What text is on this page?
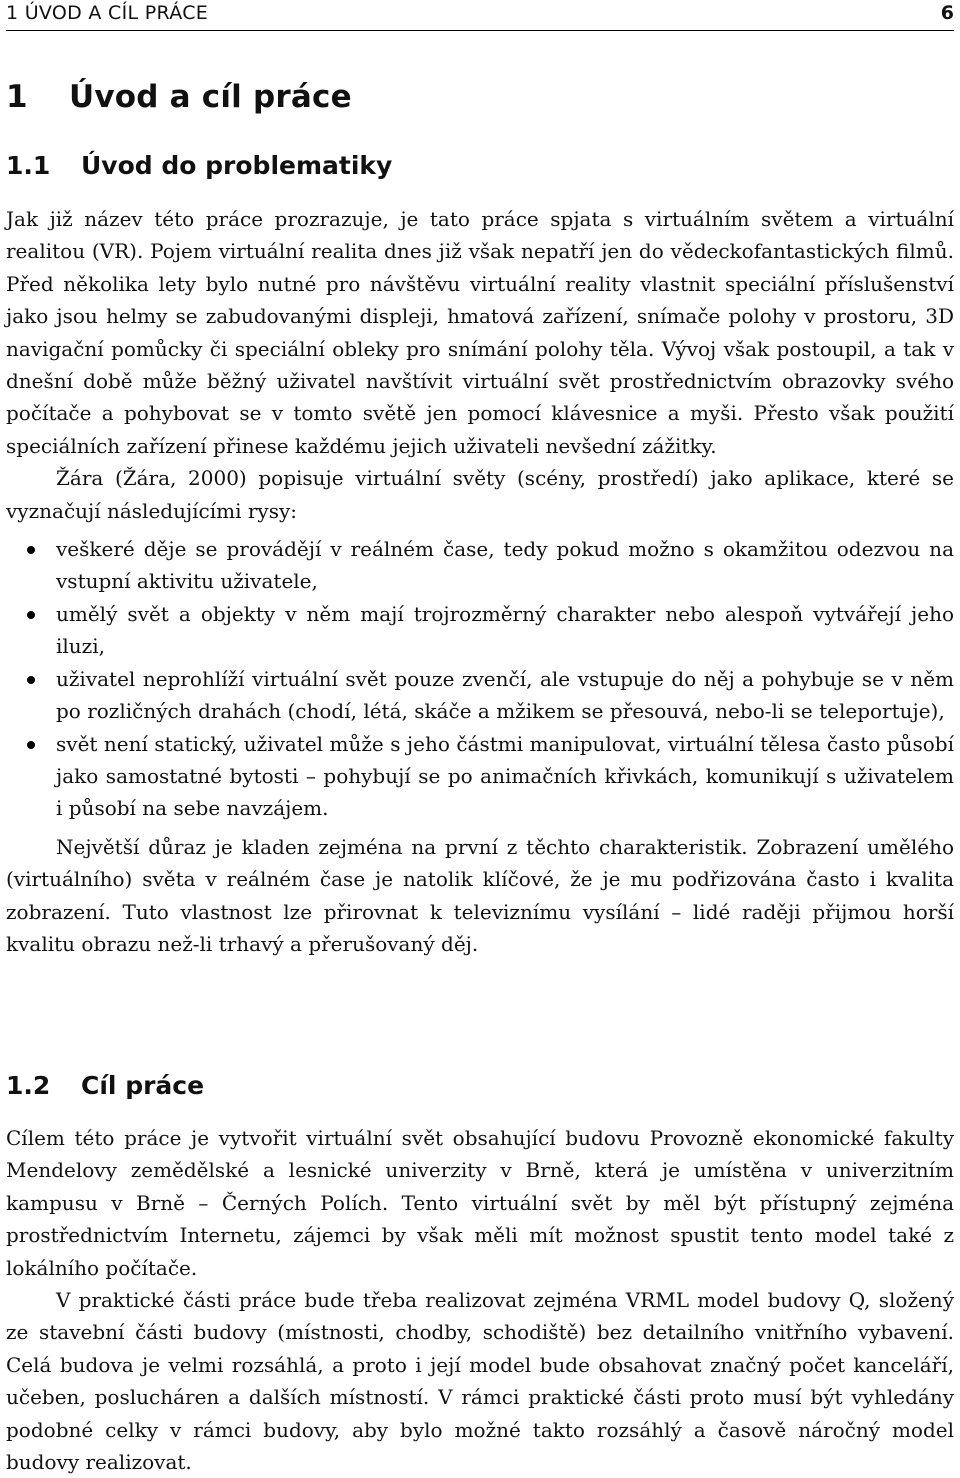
1 ÚVOD A CÍL PRÁCE	6
1 Úvod a cíl práce
1.1 Úvod do problematiky

Jak již název této práce prozrazuje, je tato práce spjata s virtuálním světem a virtuální realitou (VR). Pojem virtuální realita dnes již však nepatří jen do vědeckofantastických filmů. Před několika lety bylo nutné pro návštěvu virtuální reality vlastnit speciální příslušenství jako jsou helmy se zabudovanými displeji, hmatová zařízení, snímače polohy v prostoru, 3D navigační pomůcky či speciální obleky pro snímání polohy těla. Vývoj však postoupil, a tak v dnešní době může běžný uživatel navštívit virtuální svět prostřednictvím obrazovky svého počítače a pohybovat se v tomto světě jen pomocí klávesnice a myši. Přesto však použití speciálních zařízení přinese každému jejich uživateli nevšední zážitky.

Žára (Žára, 2000) popisuje virtuální světy (scény, prostředí) jako aplikace, které se vyznačují následujícími rysy:

veškeré děje se provádějí v reálném čase, tedy pokud možno s okamžitou odezvou na vstupní aktivitu uživatele,
umělý svět a objekty v něm mají trojrozměrný charakter nebo alespoň vytvářejí jeho iluzi,
uživatel neprohlíží virtuální svět pouze zvenčí, ale vstupuje do něj a pohybuje se v něm po rozličných drahách (chodí, létá, skáče a mžikem se přesouvá, nebo-li se teleportuje),
svět není statický, uživatel může s jeho částmi manipulovat, virtuální tělesa často působí jako samostatné bytosti – pohybují se po animačních křivkách, komunikují s uživatelem i působí na sebe navzájem.

Největší důraz je kladen zejména na první z těchto charakteristik. Zobrazení umělého (virtuálního) světa v reálném čase je natolik klíčové, že je mu podřizována často i kvalita zobrazení. Tuto vlastnost lze přirovnat k televiznímu vysílání – lidé raději přijmou horší kvalitu obrazu než-li trhavý a přerušovaný děj.

1.2 Cíl práce

Cílem této práce je vytvořit virtuální svět obsahující budovu Provozně ekonomické fakulty Mendelovy zemědělské a lesnické univerzity v Brně, která je umístěna v univerzitním kampusu v Brně – Černých Polích. Tento virtuální svět by měl být přístupný zejména prostřednictvím Internetu, zájemci by však měli mít možnost spustit tento model také z lokálního počítače.

V praktické části práce bude třeba realizovat zejména VRML model budovy Q, složený ze stavební části budovy (místnosti, chodby, schodiště) bez detailního vnitřního vybavení. Celá budova je velmi rozsáhlá, a proto i její model bude obsahovat značný počet kanceláří, učeben, poslucháren a dalších místností. V rámci praktické části proto musí být vyhledány podobné celky v rámci budovy, aby bylo možné takto rozsáhlý a časově náročný model budovy realizovat.
